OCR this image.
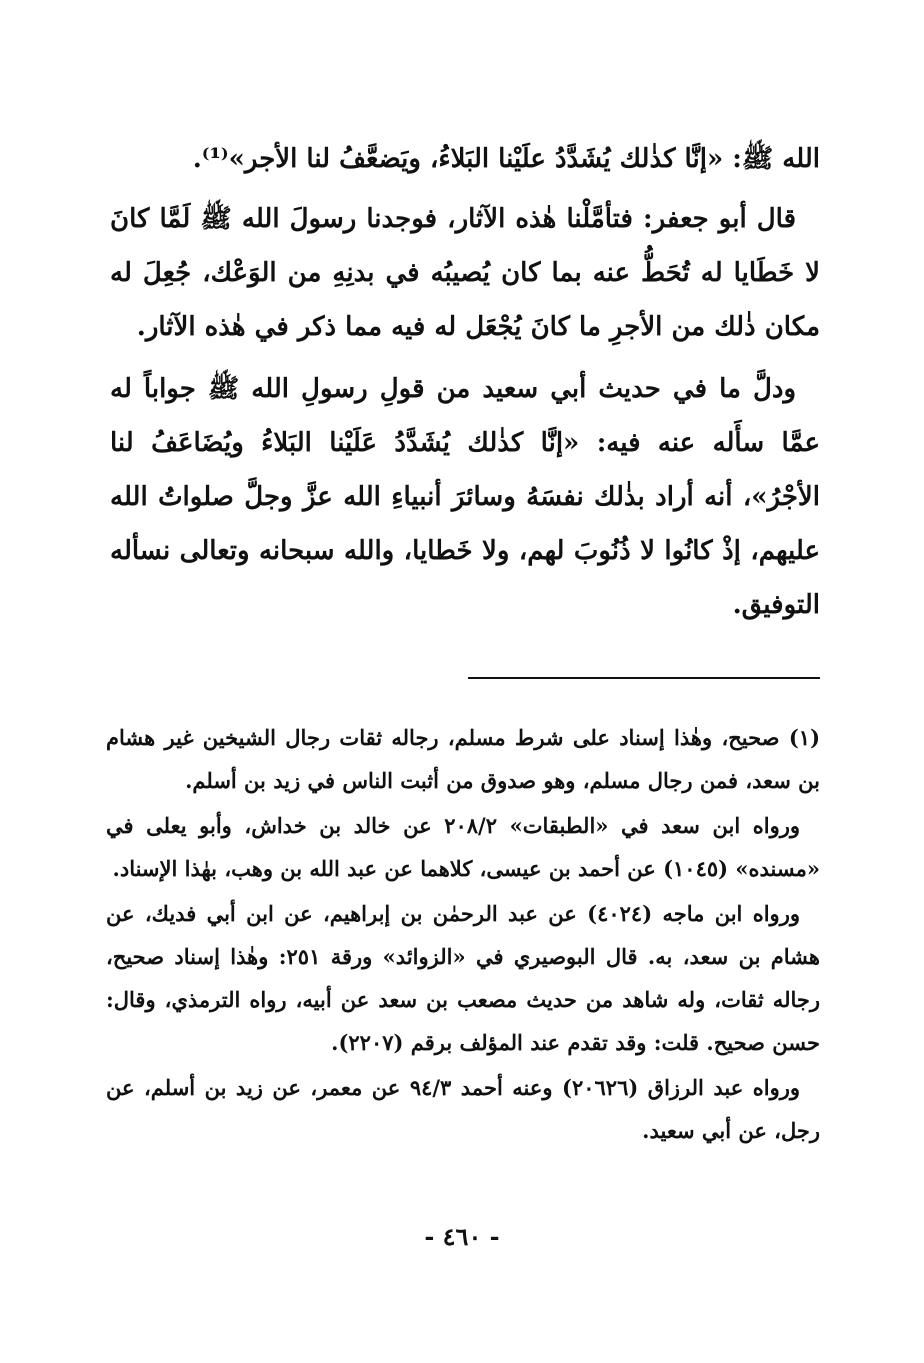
الله ﷺ: «إنَّا كذٰلك يُشَدَّدُ علَيْنا البَلاءُ، ويَضعَّفُ لنا الأجر»⁽¹⁾.

قال أبو جعفر: فتأمَّلْنا هٰذه الآثار، فوجدنا رسولَ الله ﷺ لَمَّا كانَ لا خَطَايا له تُحَطُّ عنه بما كان يُصيبُه في بدنِهِ من الوَعْك، جُعِلَ له مكان ذٰلك من الأجرِ ما كانَ يُجْعَل له فيه مما ذكر في هٰذه الآثار.

ودلَّ ما في حديث أبي سعيد من قولِ رسولِ الله ﷺ جواباً له عمَّا سأَله عنه فيه: «إنَّا كذٰلك يُشَدَّدُ عَلَيْنا البَلاءُ ويُضَاعَفُ لنا الأجْرُ»، أنه أراد بذٰلك نفسَهُ وسائرَ أنبياءِ الله عزَّ وجلَّ صلواتُ الله عليهم، إذْ كانُوا لا ذُنُوبَ لهم، ولا خَطايا، والله سبحانه وتعالى نسأله التوفيق.

(١) صحيح، وهٰذا إسناد على شرط مسلم، رجاله ثقات رجال الشيخين غير هشام بن سعد، فمن رجال مسلم، وهو صدوق من أثبت الناس في زيد بن أسلم.

ورواه ابن سعد في «الطبقات» ٢٠٨/٢ عن خالد بن خداش، وأبو يعلى في «مسنده» (١٠٤٥) عن أحمد بن عيسى، كلاهما عن عبد الله بن وهب، بهٰذا الإسناد.

ورواه ابن ماجه (٤٠٢٤) عن عبد الرحمٰن بن إبراهيم، عن ابن أبي فديك، عن هشام بن سعد، به. قال البوصيري في «الزوائد» ورقة ٢٥١: وهٰذا إسناد صحيح، رجاله ثقات، وله شاهد من حديث مصعب بن سعد عن أبيه، رواه الترمذي، وقال: حسن صحيح. قلت: وقد تقدم عند المؤلف برقم (٢٢٠٧).

ورواه عبد الرزاق (٢٠٦٢٦) وعنه أحمد ٩٤/٣ عن معمر، عن زيد بن أسلم، عن رجل، عن أبي سعيد.

- ٤٦٠ -
